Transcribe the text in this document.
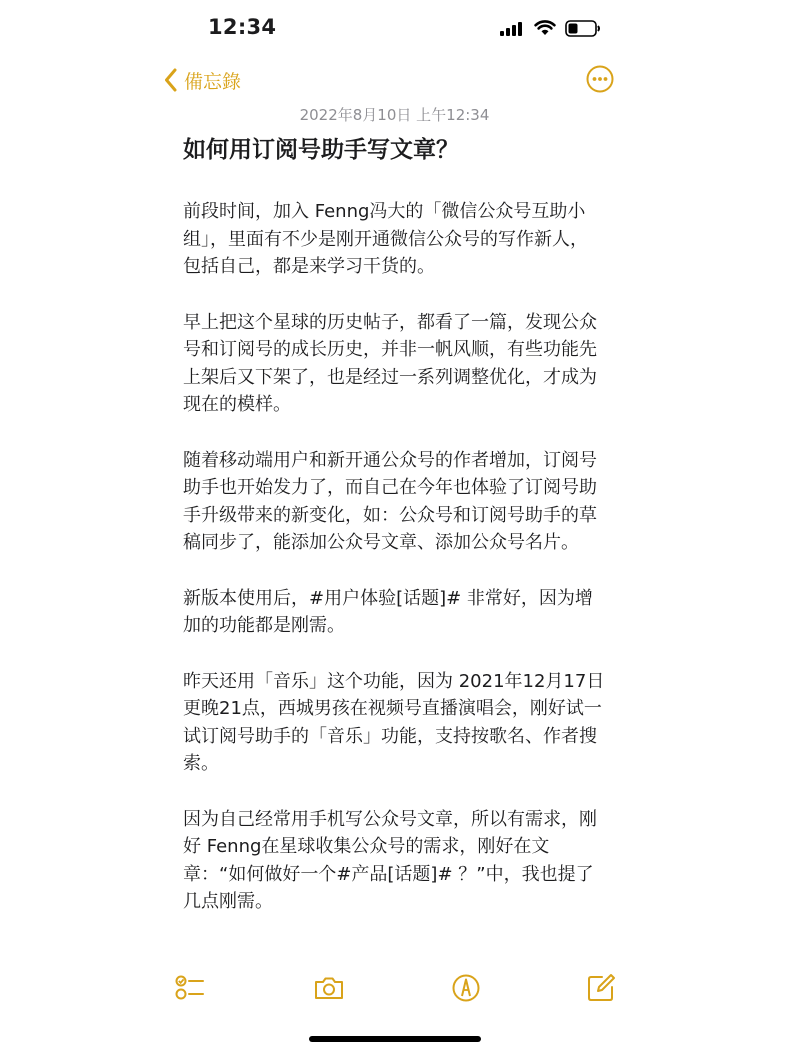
12:34
備忘錄
2022年8月10日 上午12:34
如何用订阅号助手写文章？

前段时间，加入 Fenng冯大的「微信公众号互助小组」，里面有不少是刚开通微信公众号的写作新人，包括自己，都是来学习干货的。

早上把这个星球的历史帖子，都看了一篇，发现公众号和订阅号的成长历史，并非一帆风顺，有些功能先上架后又下架了，也是经过一系列调整优化，才成为现在的模样。

随着移动端用户和新开通公众号的作者增加，订阅号助手也开始发力了，而自己在今年也体验了订阅号助手升级带来的新变化，如：公众号和订阅号助手的草稿同步了，能添加公众号文章、添加公众号名片。

新版本使用后，#用户体验[话题]# 非常好，因为增加的功能都是刚需。

昨天还用「音乐」这个功能，因为 2021年12月17日更晚21点，西城男孩在视频号直播演唱会，刚好试一试订阅号助手的「音乐」功能，支持按歌名、作者搜索。

因为自己经常用手机写公众号文章，所以有需求，刚好 Fenng在星球收集公众号的需求，刚好在文章：“如何做好一个#产品[话题]# ？”中，我也提了几点刚需。
